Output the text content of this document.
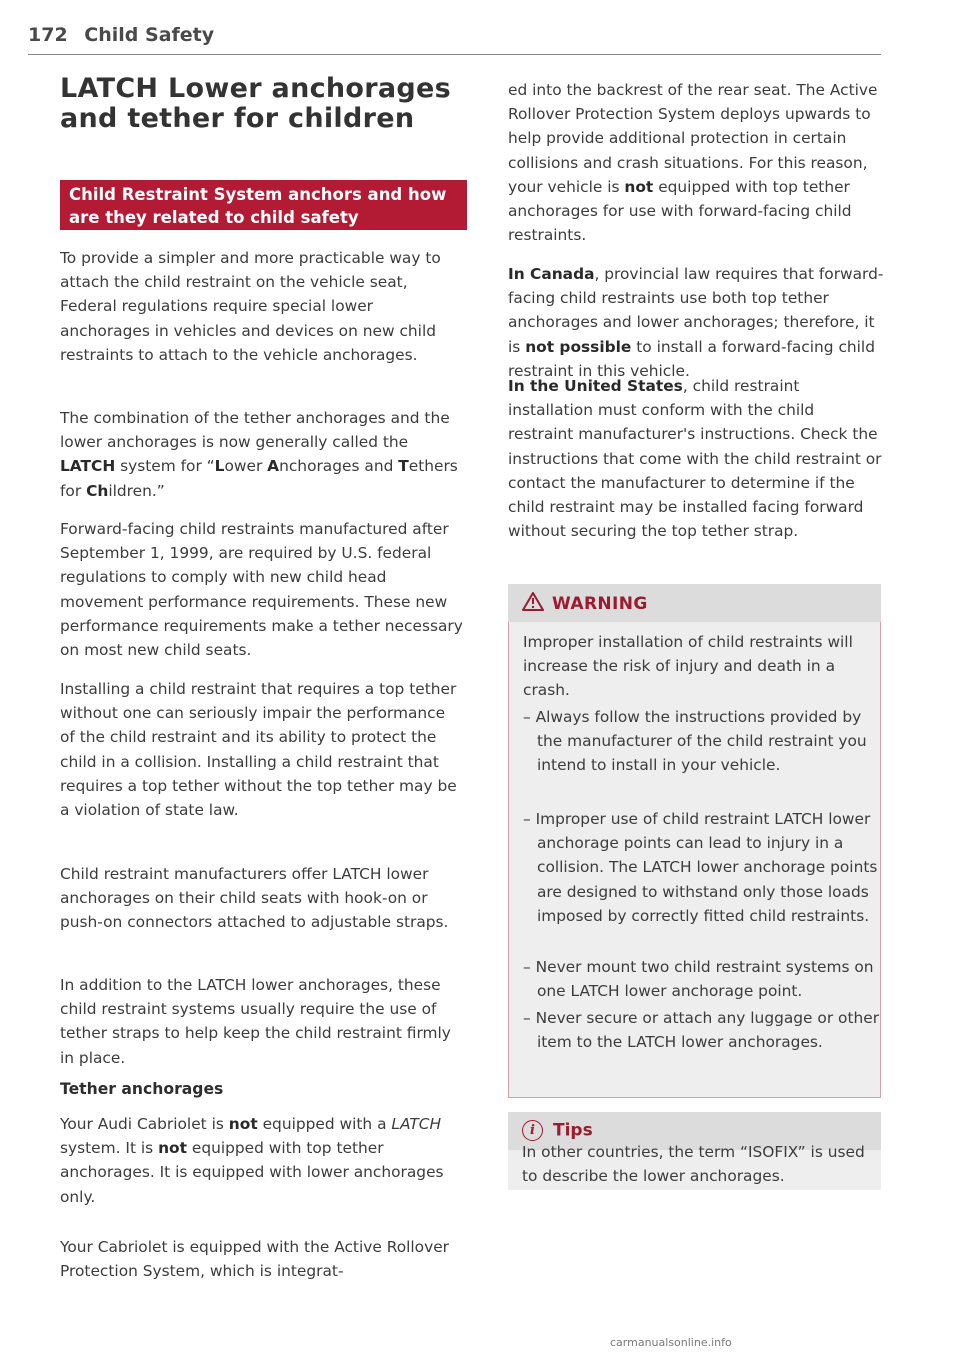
172 Child Safety
LATCH Lower anchorages and tether for children
Child Restraint System anchors and how are they related to child safety

To provide a simpler and more practicable way to attach the child restraint on the vehicle seat, Federal regulations require special lower anchorages in vehicles and devices on new child restraints to attach to the vehicle anchorages.

The combination of the tether anchorages and the lower anchorages is now generally called the LATCH system for “Lower Anchorages and Tethers for Children.”

Forward-facing child restraints manufactured after September 1, 1999, are required by U.S. federal regulations to comply with new child head movement performance requirements. These new performance requirements make a tether necessary on most new child seats.

Installing a child restraint that requires a top tether without one can seriously impair the performance of the child restraint and its ability to protect the child in a collision. Installing a child restraint that requires a top tether without the top tether may be a violation of state law.

Child restraint manufacturers offer LATCH lower anchorages on their child seats with hook-on or push-on connectors attached to adjustable straps.

In addition to the LATCH lower anchorages, these child restraint systems usually require the use of tether straps to help keep the child restraint firmly in place.

Tether anchorages

Your Audi Cabriolet is not equipped with a LATCH system. It is not equipped with top tether anchorages. It is equipped with lower anchorages only.

Your Cabriolet is equipped with the Active Rollover Protection System, which is integrat-

ed into the backrest of the rear seat. The Active Rollover Protection System deploys upwards to help provide additional protection in certain collisions and crash situations. For this reason, your vehicle is not equipped with top tether anchorages for use with forward-facing child restraints.

In Canada, provincial law requires that forward-facing child restraints use both top tether anchorages and lower anchorages; therefore, it is not possible to install a forward-facing child restraint in this vehicle.

In the United States, child restraint installation must conform with the child restraint manufacturer's instructions. Check the instructions that come with the child restraint or contact the manufacturer to determine if the child restraint may be installed facing forward without securing the top tether strap.

WARNING

Improper installation of child restraints will increase the risk of injury and death in a crash.

– Always follow the instructions provided by the manufacturer of the child restraint you intend to install in your vehicle.

– Improper use of child restraint LATCH lower anchorage points can lead to injury in a collision. The LATCH lower anchorage points are designed to withstand only those loads imposed by correctly fitted child restraints.

– Never mount two child restraint systems on one LATCH lower anchorage point.

– Never secure or attach any luggage or other item to the LATCH lower anchorages.

i Tips

In other countries, the term “ISOFIX” is used to describe the lower anchorages.

carmanualsonline.info
